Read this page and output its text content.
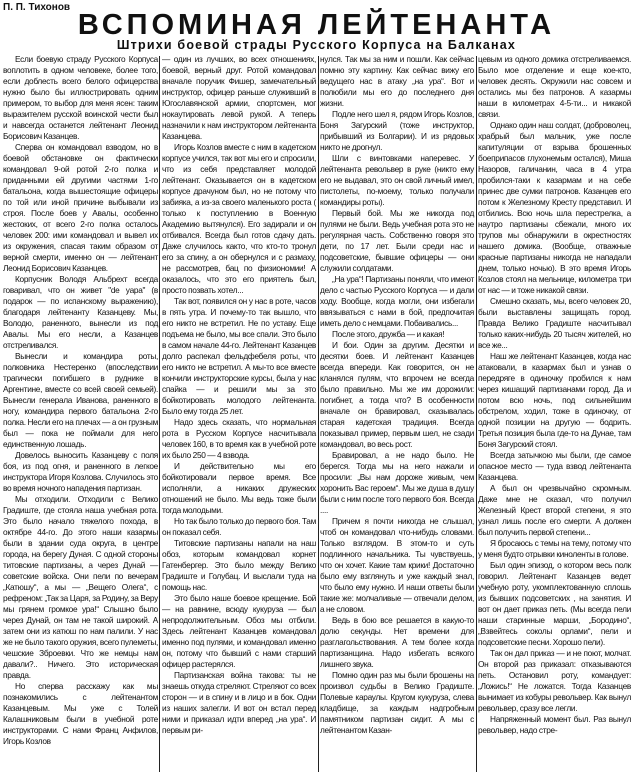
П. П. Тихонов
ВСПОМИНАЯ ЛЕЙТЕНАНТА
Штрихи боевой страды Русского Корпуса на Балканах

Если боевую страду Русского Корпуса воплотить в одном человеке, более того, если доблесть всего белого офицерства нужно было бы иллюстрировать одним примером, то выбор для меня ясен: таким выразителем русской воинской чести был и навсегда останется лейтенант Леонид Борисович Казанцев.

Сперва он командовал взводом, но в боевой обстановке он фактически командовал 9-ой ротой 2-го полка и приданными ей другими частями 1-го батальона, когда вышестоящие офицеры по той или иной причине выбывали из строя. После боев у Авалы, особенно жестоких, от всего 2-го полка осталось человек 200: ими командовал и вывел их из окружения, спасая таким образом от верной смерти, именно он — лейтенант Леонид Борисович Казанцев.

Корпусник Володя Альбрехт всегда говаривал, что он живет "de yapa" (в подарок — по испанскому выражению), благодаря лейтенанту Казанцеву. Мы, Володю, раненного, вынесли из под Авалы. Мы его несли, а Казанцев отстреливался.

Вынесли и командира роты, полковника Нестеренко (впоследствии трагически погибшего в руднике в Аргентине, вместе со всей своей семьей). Вынесли генерала Иванова, раненного в ногу, командира первого батальона 2-го полка. Несли его на плечах — а он грузным был — пока не поймали для него единственную лошадь.

Довелось выносить Казанцеву с поля боя, из под огня, и раненного в легкое инструктора Игоря Козлова. Случилось это во время ночного нападения партизан.

Мы отходили. Отходили с Велико Градиште, где стояла наша учебная рота. Это было начало тяжелого похода, в октябре 44-го. До этого наши казармы были в здании суда округа, в центре города, на берегу Дуная. С одной стороны титовские партизаны, а через Дунай — советские войска. Они пели по вечерам „Катюшу“, а мы — „Вещего Олега“, с рефреном: „Так за Царя, за Родину, за Веру мы грянем громкое ура!“ Слышно было через Дунай, он там не такой широкий. А затем они из катюш по нам палили. У нас же не было такого оружия, всего пулеметы, чешские Зброевки. Что же немцы нам давали?.. Ничего. Это историческая правда.

Но сперва расскажу как мы познакомились с лейтенантом Казанцевым. Мы уже с Толей Калашниковым были в учебной роте инструкторами. С нами Франц Анфилов, Игорь Козлов

— один из лучших, во всех отношениях, боевой, верный друг. Ротой командовал вначале поручик Фишер, замечательный инструктор, офицер раньше служивший в Югославянской армии, спортсмен, мог нокаутировать левой рукой. А теперь назначили к нам инструктором лейтенанта Казанцева.

Игорь Козлов вместе с ним в кадетском корпусе учился, так вот мы его и спросили, что из себя представляет молодой лейтенант. Оказывается он в кадетском корпусе драчуном был, но не потому что забияка, а из-за своего маленького роста ( только к поступлению в Военную Академию вытянулся). Его задирали и он отбивался. Всегда был готов сдачу дать. Даже случилось както, что кто-то тронул его за спину, а он обернулся и с размаху, не рассмотрев, бац по физиономии! А оказалось, что это его приятель был, просто позвать хотел...

Так вот, появился он у нас в роте, часов в пять утра. И почему-то так вышло, что его никто не встретил. Не по уставу. Еще подъема не было, мы все спали. Это было в самом начале 44-го. Лейтенант Казанцев долго распекал фельдфебеля роты, что его никто не встретил. А мы-то все вместе кончили инструкторские курсы, была у нас спайка — и решили мы за это бойкотировать молодого лейтенанта. Было ему тогда 25 лет.

Надо здесь сказать, что нормальная рота в Русском Корпусе насчитывала человек 160, в то время как в учебной роте их было 250 — 4 взвода.

И действительно мы его бойкотировали первое время. Все исполняли, а никаких дружеских отношений не было. Мы ведь тоже были тогда молодыми.

Но так было только до первого боя. Там он показал себя.

Титовские партизаны напали на наш обоз, которым командовал корнет Гатенбергер. Это было между Велико Градиште и Голубац. И выслали туда на помощь нас.

Это было наше боевое крещение. Бой — на равнине, всюду кукуруза — был непродолжительным. Обоз мы отбили. Здесь лейтенант Казанцев командовал именно под пулями, и командовал именно он, потому что бывший с нами старший офицер растерялся.

Партизанская война такова: ты не знаешь откуда стреляют. Стреляют со всех сторон — и в спину и в лицо и в бок. Одни из наших залегли. И вот он встал перед ними и приказал идти вперед „на ура“. И первым ри-

нулся. Так мы за ним и пошли. Как сейчас помню эту картину. Как сейчас вижу его ведущего нас в атаку „на ура“. Вот и полюбили мы его до последнего дня жизни.

Подле него шел я, рядом Игорь Козлов, Боня Загурский (тоже инструктор, прибывший из Болгарии). И из рядовых никто не дрогнул.

Шли с винтовками наперевес. У лейтенанта револьвер в руке (никто ему его не выдавал, это он свой личный имел, пистолеты, по-моему, только получали командиры роты).

Первый бой. Мы же никогда под пулями не были. Ведь учебная рота это не регулярная часть. Собственно говоря это дети, по 17 лет. Были среди нас и подсоветские, бывшие офицеры — они служили солдатами.

„На ура“! Партизаны поняли, что имеют дело с частью Русского Корпуса — и дали ходу. Вообще, когда могли, они избегали ввязываться с нами в бой, предпочитая иметь дело с немцами. Побаивались...

После этого, дружба — и какая!

И бои. Один за другим. Десятки и десятки боев. И лейтенант Казанцев всегда впереди. Как говорится, он не кланялся пулям, что впрочем не всегда было правильно. Мы же им дорожили: погибнет, а тогда что? В особенности вначале он бравировал, сказывалась старая кадетская традиция. Всегда показывал пример, первым шел, не сзади командовал, во весь рост.

Бравировал, а не надо было. Не берегся. Тогда мы на него нажали и просили: „Вы нам дороже живым, чем хоронить Вас героем“. Мы же душа в душу были с ним после того первого боя. Всегда ....

Причем я почти никогда не слышал, чтоб он командовал что-нибудь словами. Только взглядом. В этом-то и суть подлинного начальника. Ты чувствуешь, что он хочет. Какие там крики! Достаточно было ему взглянуть и уже каждый знал, что было ему нужно. И наши ответы были такие же: молчаливые — отвечали делом, а не словом.

Ведь в бою все решается в какую-то долю секунды. Нет времени для разглагольствования. А тем более когда партизанщина. Надо избегать всякого лишнего звука.

Помню один раз мы были брошены на произвол судьбы в Велико Градиште. Полевые караулы. Кругом кукуруза, слева кладбище, за каждым надгробным памятником партизан сидит. А мы с лейтенантом Казан-

цевым из одного домика отстреливаемся. Было мое отделение и еще кое-кто, человек десять. Окружили нас совсем и остались мы без патронов. А казармы наши в километрах 4-5-ти... и никакой связи.

Однако один наш солдат, (доброволец, храбрый был мальчик, уже после капитуляции от взрыва брошенных боеприпасов глухонемым остался), Миша Назоров, галичанин, часа в 4 утра пробился-таки к казармам и на себе принес две сумки патронов. Казанцев его потом к Железному Кресту представил. И отбились. Всю ночь шла перестрелка, а наутро партизаны сбежали, много их трупов мы обнаружили в окрестностях нашего домика. (Вообще, отважные красные партизаны никогда не нападали днем, только ночью). В это время Игорь Козлов стоял на мельнице, километра три от нас — и тоже никакой связи.

Смешно сказать, мы, всего человек 20, были выставлены защищать город. Правда Велико Градиште насчитывал только каких-нибудь 20 тысяч жителей, но все же...

Наш же лейтенант Казанцев, когда нас атаковали, в казармах был и узнав о передряге в одиночку пробился к нам через кишащий партизанами город. Да и потом всю ночь, под сильнейшим обстрелом, ходил, тоже в одиночку, от одной позиции на другую — бодрить. Третья позиция была где-то на Дунае, там Боня Загурский стоял.

Всегда затычкою мы были, где самое опасное место — туда взвод лейтенанта Казанцева.

А был он чрезвычайно скромным. Даже мне не сказал, что получил Железный Крест второй степени, я это узнал лишь после его смерти. А должен был получить первой степени...

Я бросаюсь с темы на тему, потому что у меня будто отрывки киноленты в голове.

Был один эпизод, о котором весь полк говорил. Лейтенант Казанцев ведет учебную роту, укомплектованную сплошь из бывших подсоветских , на занятия. И вот он дает приказ петь. (Мы всегда пели наши старинные марши, „Бородино“, „Взвейтесь соколы орлами“, пели и подсоветские песни. Хорошо пели).

Так он дал приказ — и не поют, молчат. Он второй раз приказал: отказываются петь. Остановил роту, командует: „Ложись!“ Не ложатся. Тогда Казанцев вынимает из кобуры револьвер. Как вынул револьвер, сразу все легли.

Напряженный момент был. Раз вынул револьвер, надо стре-
